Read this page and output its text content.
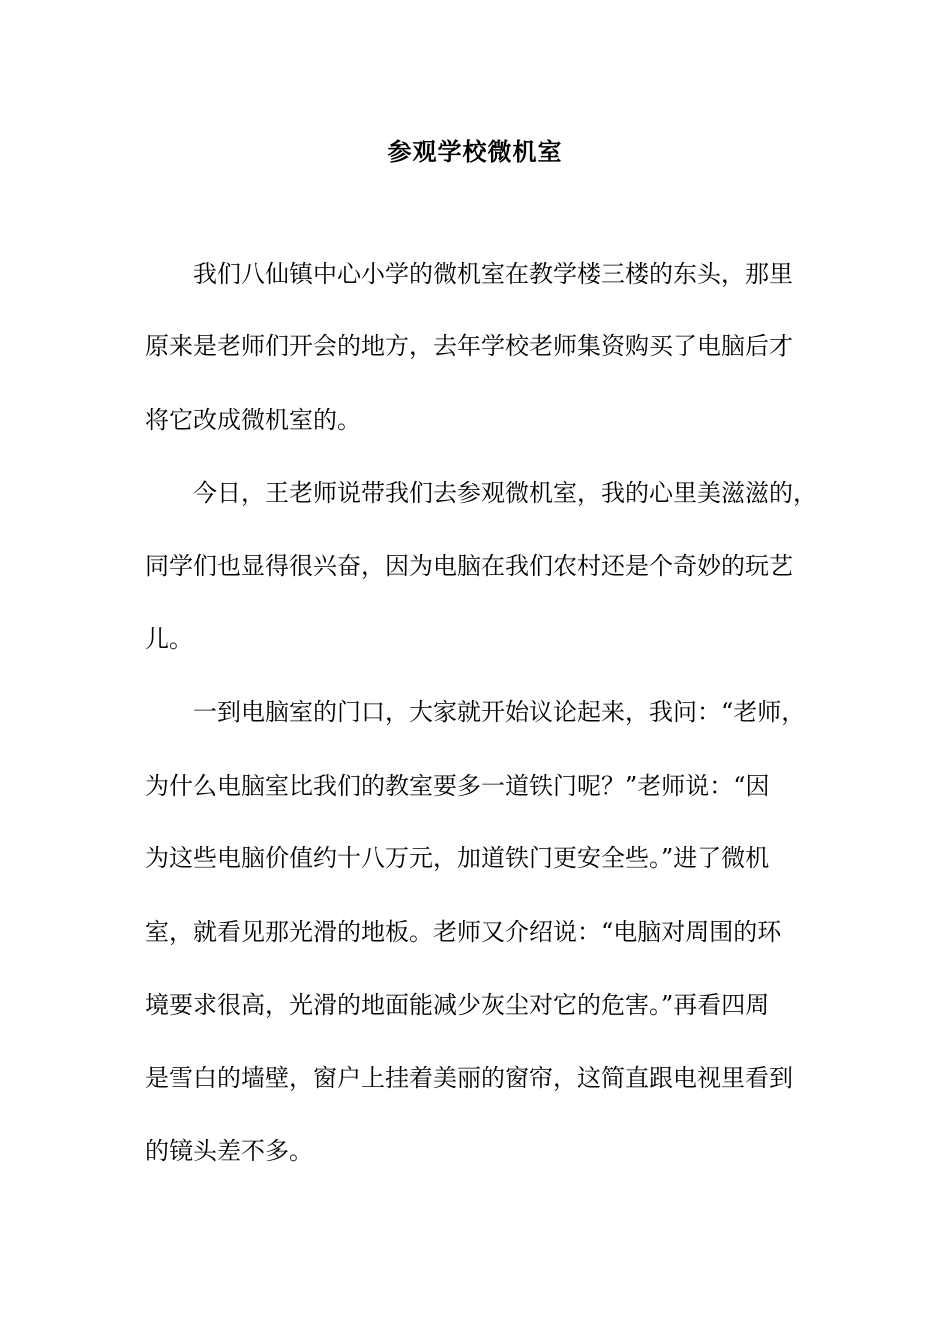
参观学校微机室
我们八仙镇中心小学的微机室在教学楼三楼的东头，那里
原来是老师们开会的地方，去年学校老师集资购买了电脑后才
将它改成微机室的。
今日，王老师说带我们去参观微机室，我的心里美滋滋的，
同学们也显得很兴奋，因为电脑在我们农村还是个奇妙的玩艺
儿。
一到电脑室的门口，大家就开始议论起来，我问：“老师，
为什么电脑室比我们的教室要多一道铁门呢？”老师说：“因
为这些电脑价值约十八万元，加道铁门更安全些。”进了微机
室，就看见那光滑的地板。老师又介绍说：“电脑对周围的环
境要求很高，光滑的地面能减少灰尘对它的危害。”再看四周
是雪白的墙壁，窗户上挂着美丽的窗帘，这简直跟电视里看到
的镜头差不多。
